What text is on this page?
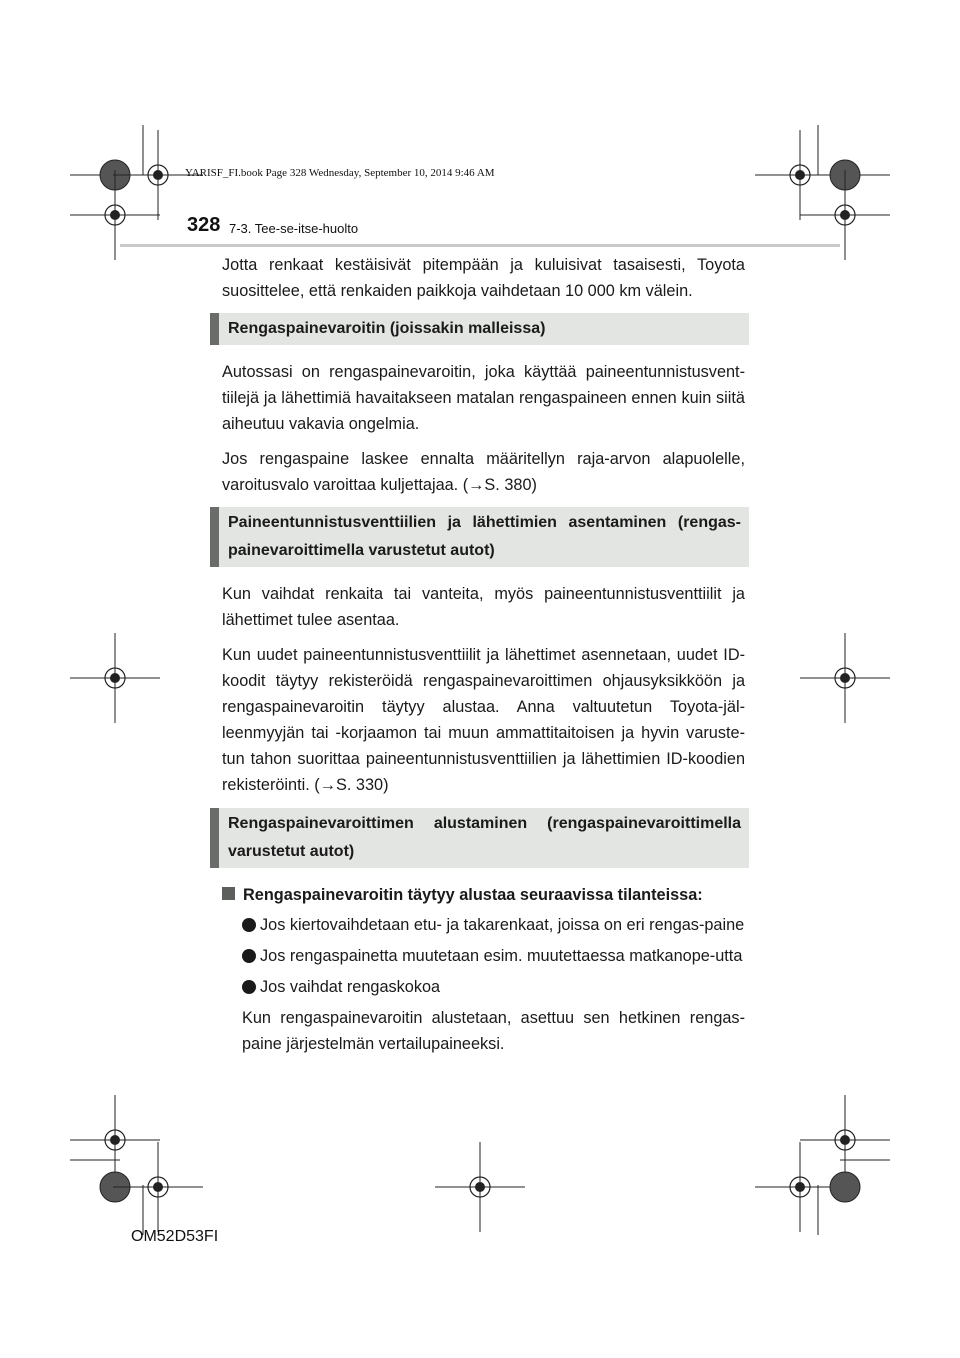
YARISF_FI.book Page 328 Wednesday, September 10, 2014 9:46 AM
328 7-3. Tee-se-itse-huolto

Jotta renkaat kestäisivät pitempään ja kuluisivat tasaisesti, Toyota suosittelee, että renkaiden paikkoja vaihdetaan 10 000 km välein.

Rengaspainevaroitin (joissakin malleissa)

Autossasi on rengaspainevaroitin, joka käyttää paineentunnistusvent-tiilejä ja lähettimiä havaitakseen matalan rengaspaineen ennen kuin siitä aiheutuu vakavia ongelmia.

Jos rengaspaine laskee ennalta määritellyn raja-arvon alapuolelle, varoitusvalo varoittaa kuljettajaa. (→S. 380)

Paineentunnistusventtiilien ja lähettimien asentaminen (rengas-painevaroittimella varustetut autot)

Kun vaihdat renkaita tai vanteita, myös paineentunnistusventtiilit ja lähettimet tulee asentaa.

Kun uudet paineentunnistusventtiilit ja lähettimet asennetaan, uudet ID-koodit täytyy rekisteröidä rengaspainevaroittimen ohjausyksikköön ja rengaspainevaroitin täytyy alustaa. Anna valtuutetun Toyota-jäl-leenmyyjän tai -korjaamon tai muun ammattitaitoisen ja hyvin varuste-tun tahon suorittaa paineentunnistusventtiilien ja lähettimien ID-koodien rekisteröinti. (→S. 330)

Rengaspainevaroittimen alustaminen (rengaspainevaroittimella varustetut autot)
Rengaspainevaroitin täytyy alustaa seuraavissa tilanteissa:
Jos kiertovaihdetaan etu- ja takarenkaat, joissa on eri rengas-paine
Jos rengaspainetta muutetaan esim. muutettaessa matkanope-utta
Jos vaihdat rengaskokoa

Kun rengaspainevaroitin alustetaan, asettuu sen hetkinen rengas-paine järjestelmän vertailupaineeksi.

OM52D53FI
